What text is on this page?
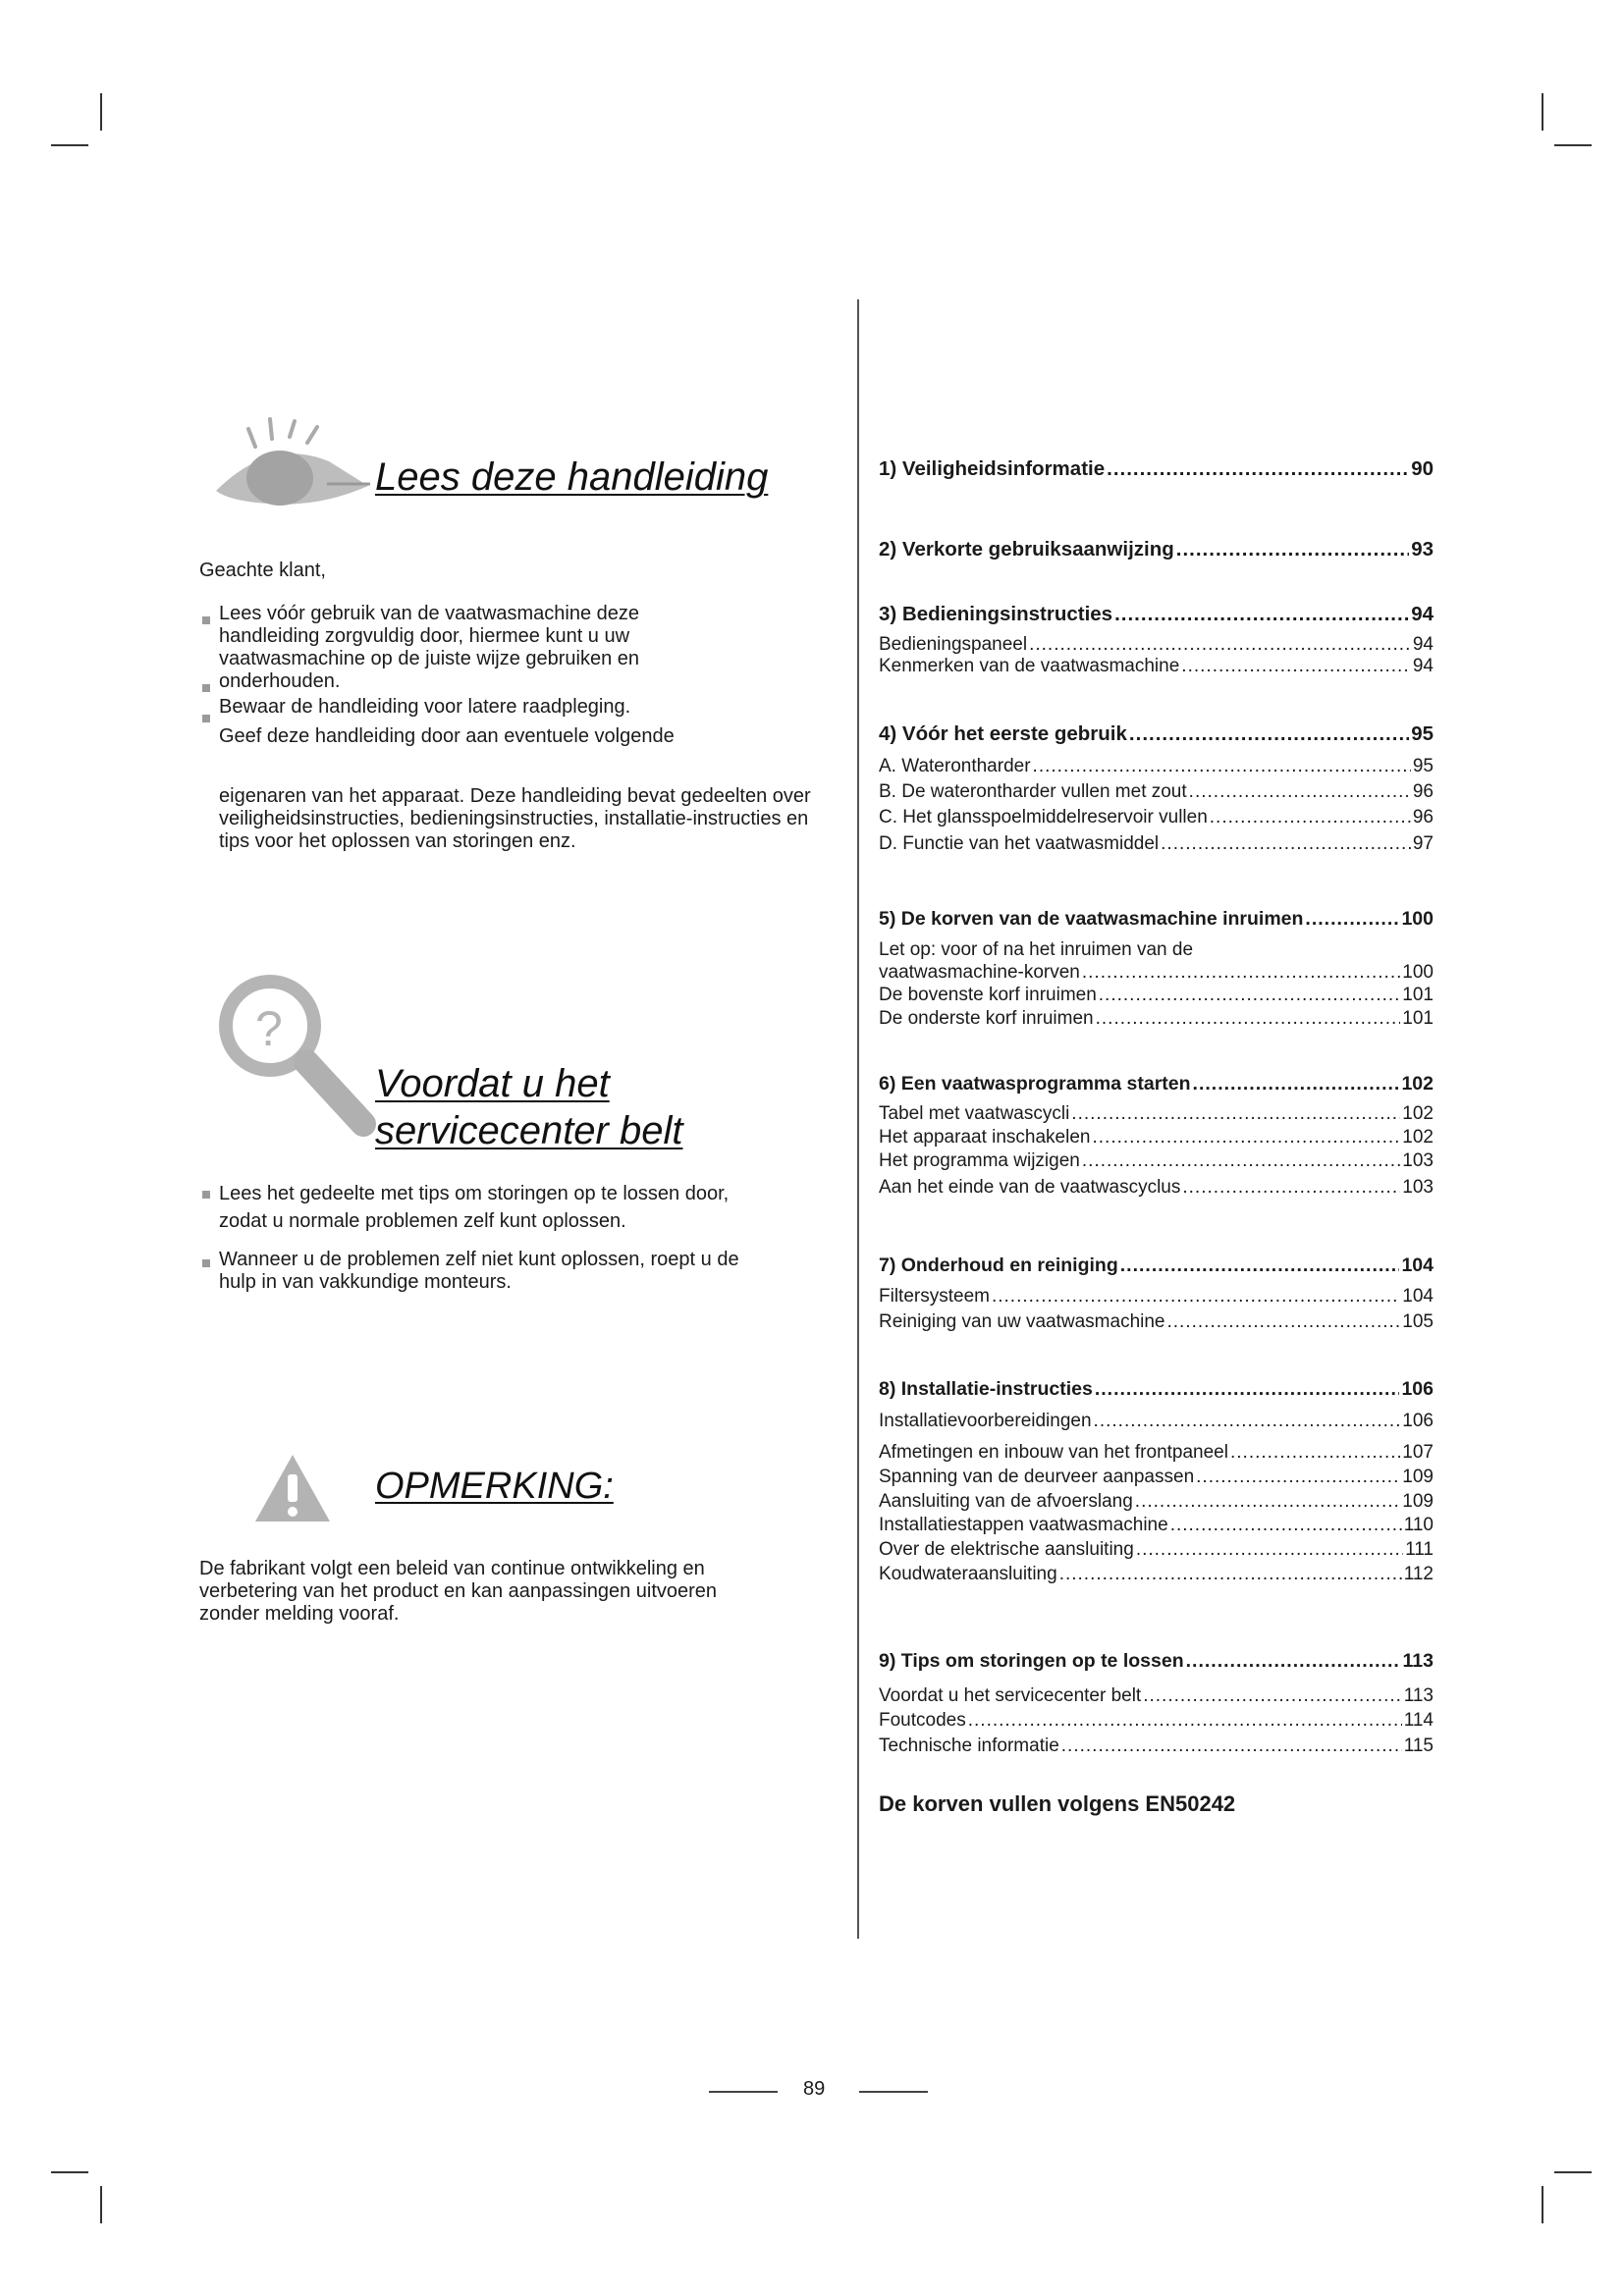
Lees deze handleiding
Geachte klant,
Lees vóór gebruik van de vaatwasmachine deze handleiding zorgvuldig door, hiermee kunt u uw vaatwasmachine op de juiste wijze gebruiken en onderhouden.
Bewaar de handleiding voor latere raadpleging.
Geef deze handleiding door aan eventuele volgende
eigenaren van het apparaat. Deze handleiding bevat gedeelten over veiligheidsinstructies, bedieningsinstructies, installatie-instructies en tips voor het oplossen van storingen enz.
?
Voordat u het
servicecenter belt
Lees het gedeelte met tips om storingen op te lossen door, zodat u normale problemen zelf kunt oplossen.
Wanneer u de problemen zelf niet kunt oplossen, roept u de hulp in van vakkundige monteurs.
OPMERKING:
De fabrikant volgt een beleid van continue ontwikkeling en verbetering van het product en kan aanpassingen uitvoeren zonder melding vooraf.
1) Veiligheidsinformatie .....	90
2) Verkorte gebruiksaanwijzing .....	93
3) Bedieningsinstructies .....	94
Bedieningspaneel .....	94
Kenmerken van de vaatwasmachine .....	94
4) Vóór het eerste gebruik .....	95
A. Waterontharder .....	95
B. De waterontharder vullen met zout .....	96
C. Het glansspoelmiddelreservoir vullen .....	96
D. Functie van het vaatwasmiddel .....	97
5) De korven van de vaatwasmachine inruimen .....	100
Let op: voor of na het inruimen van de
vaatwasmachine-korven .....	100
De bovenste korf inruimen .....	101
De onderste korf inruimen .....	101
6) Een vaatwasprogramma starten .....	102
Tabel met vaatwascycli .....	102
Het apparaat inschakelen .....	102
Het programma wijzigen .....	103
Aan het einde van de vaatwascyclus .....	103
7) Onderhoud en reiniging .....	104
Filtersysteem .....	104
Reiniging van uw vaatwasmachine .....	105
8) Installatie-instructies .....	106
Installatievoorbereidingen .....	106
Afmetingen en inbouw van het frontpaneel .....	107
Spanning van de deurveer aanpassen .....	109
Aansluiting van de afvoerslang .....	109
Installatiestappen vaatwasmachine .....	110
Over de elektrische aansluiting .....	111
Koudwateraansluiting .....	112
9) Tips om storingen op te lossen .....	113
Voordat u het servicecenter belt .....	113
Foutcodes .....	114
Technische informatie .....	115
De korven vullen volgens EN50242
89
